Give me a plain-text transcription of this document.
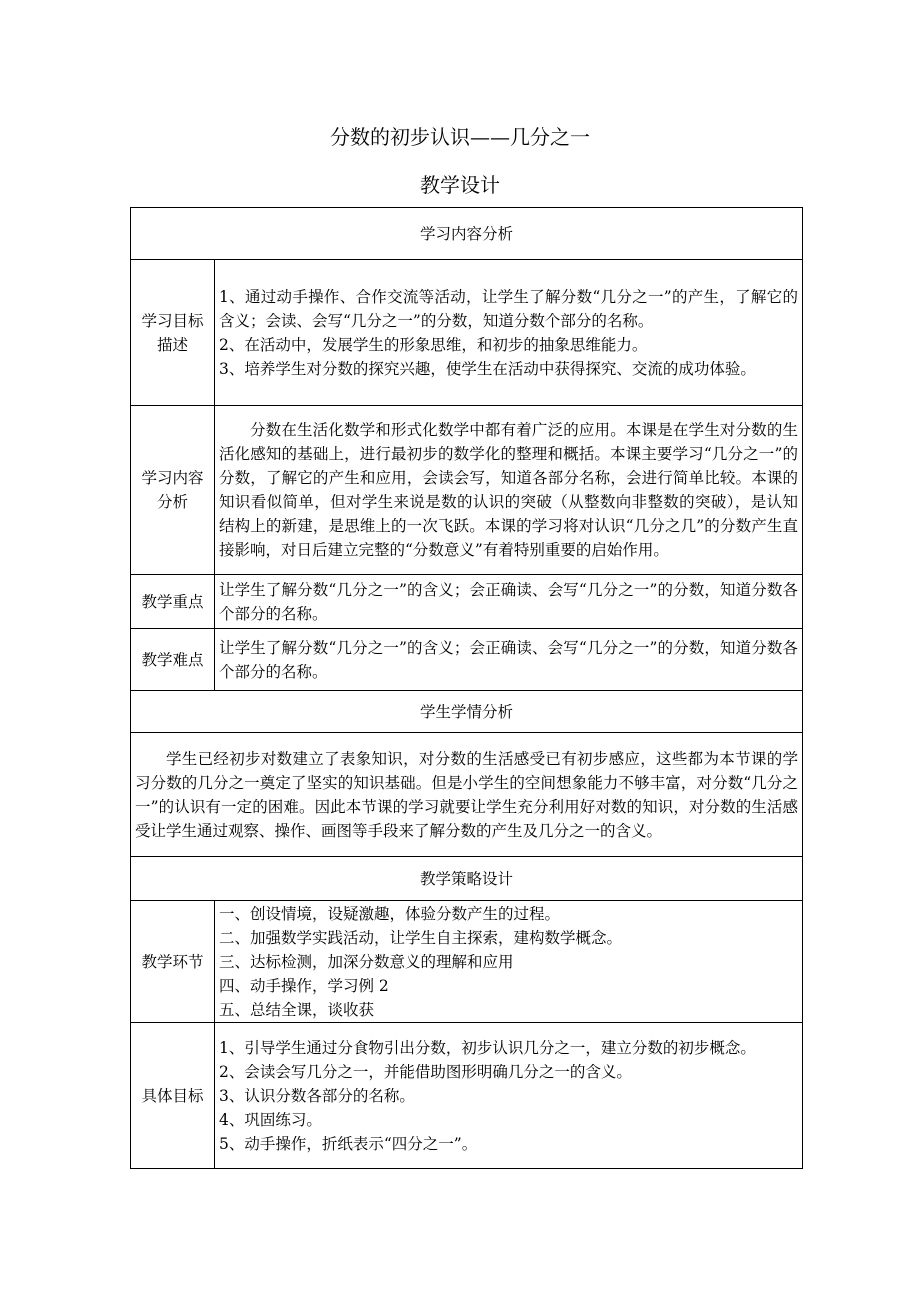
分数的初步认识——几分之一
教学设计
学习内容分析	
学习目标描述	1、通过动手操作、合作交流等活动，让学生了解分数“几分之一”的产生，了解它的含义；会读、会写“几分之一”的分数，知道分数个部分的名称。
2、在活动中，发展学生的形象思维，和初步的抽象思维能力。
3、培养学生对分数的探究兴趣，使学生在活动中获得探究、交流的成功体验。

学习内容分析	分数在生活化数学和形式化数学中都有着广泛的应用。本课是在学生对分数的生活化感知的基础上，进行最初步的数学化的整理和概括。本课主要学习“几分之一”的分数，了解它的产生和应用，会读会写，知道各部分名称，会进行简单比较。本课的知识看似简单，但对学生来说是数的认识的突破（从整数向非整数的突破），是认知结构上的新建，是思维上的一次飞跃。本课的学习将对认识“几分之几”的分数产生直接影响，对日后建立完整的“分数意义”有着特别重要的启始作用。

教学重点	让学生了解分数“几分之一”的含义；会正确读、会写“几分之一”的分数，知道分数各个部分的名称。
教学难点	让学生了解分数“几分之一”的含义；会正确读、会写“几分之一”的分数，知道分数各个部分的名称。
学生学情分析	

学生已经初步对数建立了表象知识，对分数的生活感受已有初步感应，这些都为本节课的学习分数的几分之一奠定了坚实的知识基础。但是小学生的空间想象能力不够丰富，对分数“几分之一”的认识有一定的困难。因此本节课的学习就要让学生充分利用好对数的知识，对分数的生活感受让学生通过观察、操作、画图等手段来了解分数的产生及几分之一的含义。	

教学策略设计	
教学环节	一、创设情境，设疑激趣，体验分数产生的过程。
二、加强数学实践活动，让学生自主探索，建构数学概念。
三、达标检测，加深分数意义的理解和应用
四、动手操作，学习例 2
五、总结全课，谈收获

具体目标	1、引导学生通过分食物引出分数，初步认识几分之一，建立分数的初步概念。
2、会读会写几分之一，并能借助图形明确几分之一的含义。
3、认识分数各部分的名称。
4、巩固练习。
5、动手操作，折纸表示“四分之一”。
